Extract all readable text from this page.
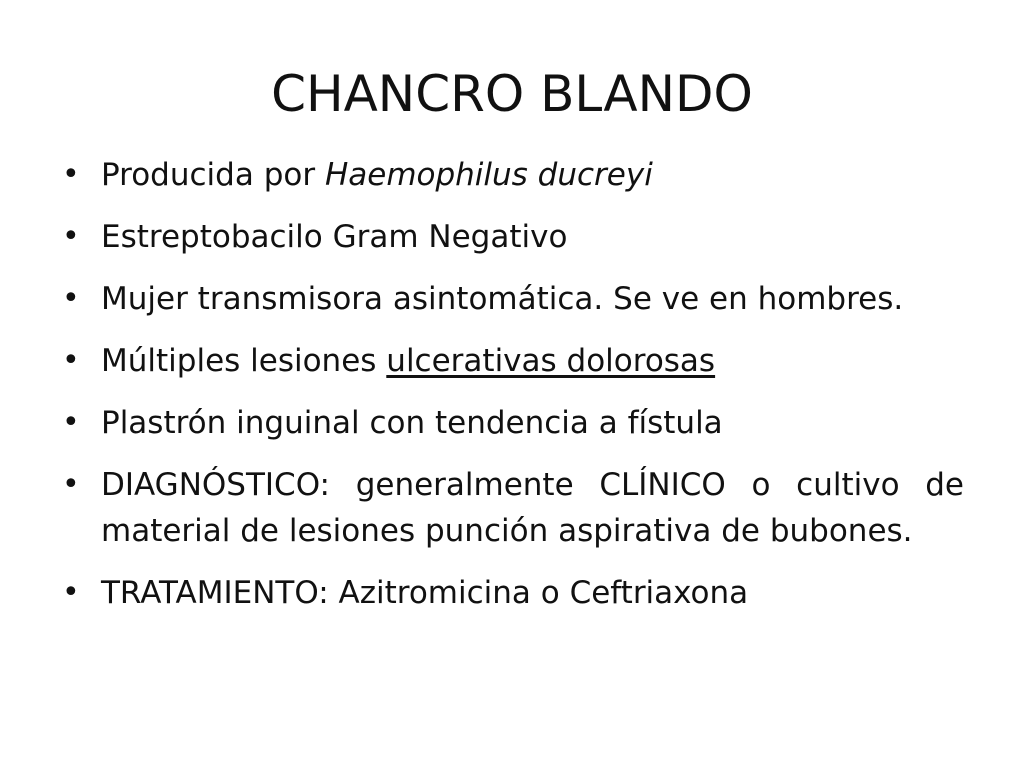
CHANCRO BLANDO
• Producida por Haemophilus ducreyi
• Estreptobacilo Gram Negativo
• Mujer transmisora asintomática. Se ve en hombres.
• Múltiples lesiones ulcerativas dolorosas
• Plastrón inguinal con tendencia a fístula
• DIAGNÓSTICO: generalmente CLÍNICO o cultivo de material de lesiones punción aspirativa de bubones.
• TRATAMIENTO: Azitromicina o Ceftriaxona
